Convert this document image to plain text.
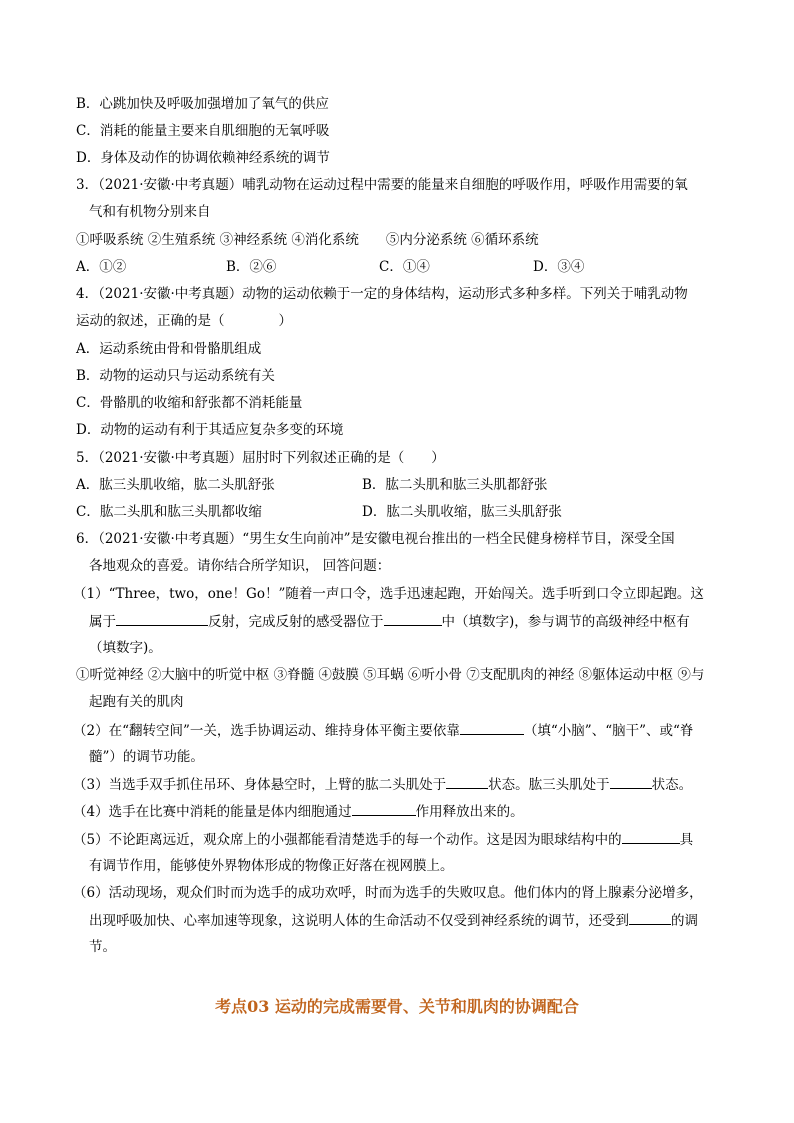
B．心跳加快及呼吸加强增加了氧气的供应
C．消耗的能量主要来自肌细胞的无氧呼吸
D．身体及动作的协调依赖神经系统的调节
3．（2021·安徽·中考真题）哺乳动物在运动过程中需要的能量来自细胞的呼吸作用，呼吸作用需要的氧
气和有机物分别来自
①呼吸系统 ②生殖系统 ③神经系统 ④消化系统　　⑤内分泌系统 ⑥循环系统
A．①②	B．②⑥	C．①④	D．③④
4．（2021·安徽·中考真题）动物的运动依赖于一定的身体结构，运动形式多种多样。下列关于哺乳动物
运动的叙述，正确的是（　　　　）
A．运动系统由骨和骨骼肌组成
B．动物的运动只与运动系统有关
C．骨骼肌的收缩和舒张都不消耗能量
D．动物的运动有利于其适应复杂多变的环境
5．（2021·安徽·中考真题）屈肘时下列叙述正确的是（　　）
A．肱三头肌收缩，肱二头肌舒张	B．肱二头肌和肱三头肌都舒张
C．肱二头肌和肱三头肌都收缩	D．肱二头肌收缩，肱三头肌舒张
6．（2021·安徽·中考真题）“男生女生向前冲”是安徽电视台推出的一档全民健身榜样节目，深受全国
各地观众的喜爱。请你结合所学知识， 回答问题：
（1）“Three，two，one！Go！”随着一声口令，选手迅速起跑，开始闯关。选手听到口令立即起跑。这
属于	反射，完成反射的感受器位于	中（填数字)，参与调节的高级神经中枢有
（填数字)。
①听觉神经 ②大脑中的听觉中枢 ③脊髓 ④鼓膜 ⑤耳蜗 ⑥听小骨 ⑦支配肌肉的神经 ⑧躯体运动中枢 ⑨与
起跑有关的肌肉
（2）在“翻转空间”一关，选手协调运动、维持身体平衡主要依靠	（填“小脑”、“脑干”、或“脊
髓”）的调节功能。
（3）当选手双手抓住吊环、身体悬空时，上臂的肱二头肌处于	状态。肱三头肌处于	状态。
（4）选手在比赛中消耗的能量是体内细胞通过	作用释放出来的。
（5）不论距离远近，观众席上的小强都能看清楚选手的每一个动作。这是因为眼球结构中的	具
有调节作用，能够使外界物体形成的物像正好落在视网膜上。
（6）活动现场，观众们时而为选手的成功欢呼，时而为选手的失败叹息。他们体内的肾上腺素分泌增多，
出现呼吸加快、心率加速等现象，这说明人体的生命活动不仅受到神经系统的调节，还受到	的调
节。
考点03 运动的完成需要骨、关节和肌肉的协调配合
